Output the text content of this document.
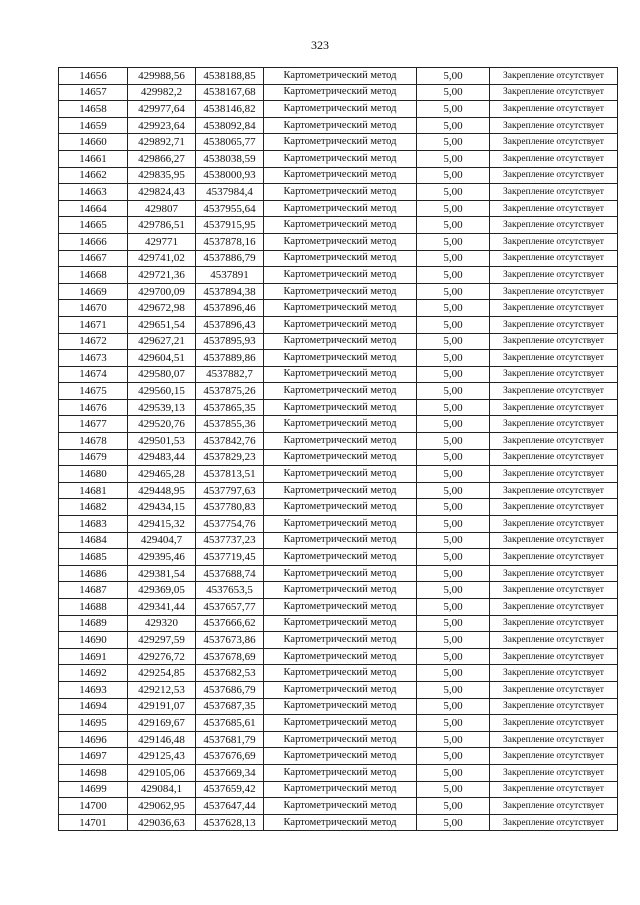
323
14656	429988,56	4538188,85	Картометрический метод	5,00	Закрепление отсутствует
14657	429982,2	4538167,68	Картометрический метод	5,00	Закрепление отсутствует
14658	429977,64	4538146,82	Картометрический метод	5,00	Закрепление отсутствует
14659	429923,64	4538092,84	Картометрический метод	5,00	Закрепление отсутствует
14660	429892,71	4538065,77	Картометрический метод	5,00	Закрепление отсутствует
14661	429866,27	4538038,59	Картометрический метод	5,00	Закрепление отсутствует
14662	429835,95	4538000,93	Картометрический метод	5,00	Закрепление отсутствует
14663	429824,43	4537984,4	Картометрический метод	5,00	Закрепление отсутствует
14664	429807	4537955,64	Картометрический метод	5,00	Закрепление отсутствует
14665	429786,51	4537915,95	Картометрический метод	5,00	Закрепление отсутствует
14666	429771	4537878,16	Картометрический метод	5,00	Закрепление отсутствует
14667	429741,02	4537886,79	Картометрический метод	5,00	Закрепление отсутствует
14668	429721,36	4537891	Картометрический метод	5,00	Закрепление отсутствует
14669	429700,09	4537894,38	Картометрический метод	5,00	Закрепление отсутствует
14670	429672,98	4537896,46	Картометрический метод	5,00	Закрепление отсутствует
14671	429651,54	4537896,43	Картометрический метод	5,00	Закрепление отсутствует
14672	429627,21	4537895,93	Картометрический метод	5,00	Закрепление отсутствует
14673	429604,51	4537889,86	Картометрический метод	5,00	Закрепление отсутствует
14674	429580,07	4537882,7	Картометрический метод	5,00	Закрепление отсутствует
14675	429560,15	4537875,26	Картометрический метод	5,00	Закрепление отсутствует
14676	429539,13	4537865,35	Картометрический метод	5,00	Закрепление отсутствует
14677	429520,76	4537855,36	Картометрический метод	5,00	Закрепление отсутствует
14678	429501,53	4537842,76	Картометрический метод	5,00	Закрепление отсутствует
14679	429483,44	4537829,23	Картометрический метод	5,00	Закрепление отсутствует
14680	429465,28	4537813,51	Картометрический метод	5,00	Закрепление отсутствует
14681	429448,95	4537797,63	Картометрический метод	5,00	Закрепление отсутствует
14682	429434,15	4537780,83	Картометрический метод	5,00	Закрепление отсутствует
14683	429415,32	4537754,76	Картометрический метод	5,00	Закрепление отсутствует
14684	429404,7	4537737,23	Картометрический метод	5,00	Закрепление отсутствует
14685	429395,46	4537719,45	Картометрический метод	5,00	Закрепление отсутствует
14686	429381,54	4537688,74	Картометрический метод	5,00	Закрепление отсутствует
14687	429369,05	4537653,5	Картометрический метод	5,00	Закрепление отсутствует
14688	429341,44	4537657,77	Картометрический метод	5,00	Закрепление отсутствует
14689	429320	4537666,62	Картометрический метод	5,00	Закрепление отсутствует
14690	429297,59	4537673,86	Картометрический метод	5,00	Закрепление отсутствует
14691	429276,72	4537678,69	Картометрический метод	5,00	Закрепление отсутствует
14692	429254,85	4537682,53	Картометрический метод	5,00	Закрепление отсутствует
14693	429212,53	4537686,79	Картометрический метод	5,00	Закрепление отсутствует
14694	429191,07	4537687,35	Картометрический метод	5,00	Закрепление отсутствует
14695	429169,67	4537685,61	Картометрический метод	5,00	Закрепление отсутствует
14696	429146,48	4537681,79	Картометрический метод	5,00	Закрепление отсутствует
14697	429125,43	4537676,69	Картометрический метод	5,00	Закрепление отсутствует
14698	429105,06	4537669,34	Картометрический метод	5,00	Закрепление отсутствует
14699	429084,1	4537659,42	Картометрический метод	5,00	Закрепление отсутствует
14700	429062,95	4537647,44	Картометрический метод	5,00	Закрепление отсутствует
14701	429036,63	4537628,13	Картометрический метод	5,00	Закрепление отсутствует
